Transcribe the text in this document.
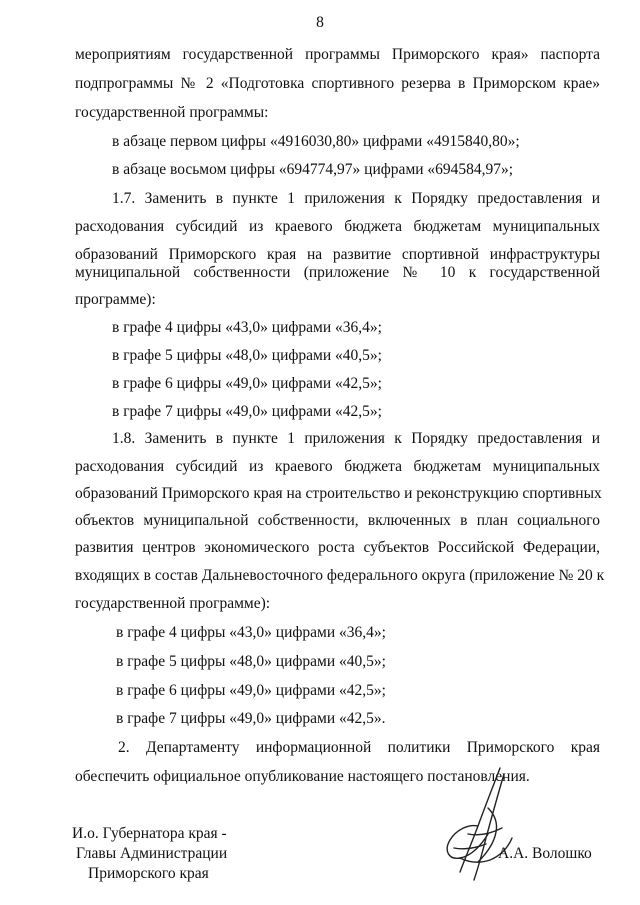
8
мероприятиям государственной программы Приморского края» паспорта
подпрограммы № 2 «Подготовка спортивного резерва в Приморском крае»
государственной программы:
в абзаце первом цифры «4916030,80» цифрами «4915840,80»;
в абзаце восьмом цифры «694774,97» цифрами «694584,97»;
1.7. Заменить в пункте 1 приложения к Порядку предоставления и
расходования субсидий из краевого бюджета бюджетам муниципальных
образований Приморского края на развитие спортивной инфраструктуры
муниципальной собственности (приложение № 10 к государственной
программе):
в графе 4 цифры «43,0» цифрами «36,4»;
в графе 5 цифры «48,0» цифрами «40,5»;
в графе 6 цифры «49,0» цифрами «42,5»;
в графе 7 цифры «49,0» цифрами «42,5»;
1.8. Заменить в пункте 1 приложения к Порядку предоставления и
расходования субсидий из краевого бюджета бюджетам муниципальных
образований Приморского края на строительство и реконструкцию спортивных
объектов муниципальной собственности, включенных в план социального
развития центров экономического роста субъектов Российской Федерации,
входящих в состав Дальневосточного федерального округа (приложение № 20 к
государственной программе):
в графе 4 цифры «43,0» цифрами «36,4»;
в графе 5 цифры «48,0» цифрами «40,5»;
в графе 6 цифры «49,0» цифрами «42,5»;
в графе 7 цифры «49,0» цифрами «42,5».
2. Департаменту информационной политики Приморского края
обеспечить официальное опубликование настоящего постановления.
И.о. Губернатора края -
Главы Администрации
Приморского края
А.А. Волошко
